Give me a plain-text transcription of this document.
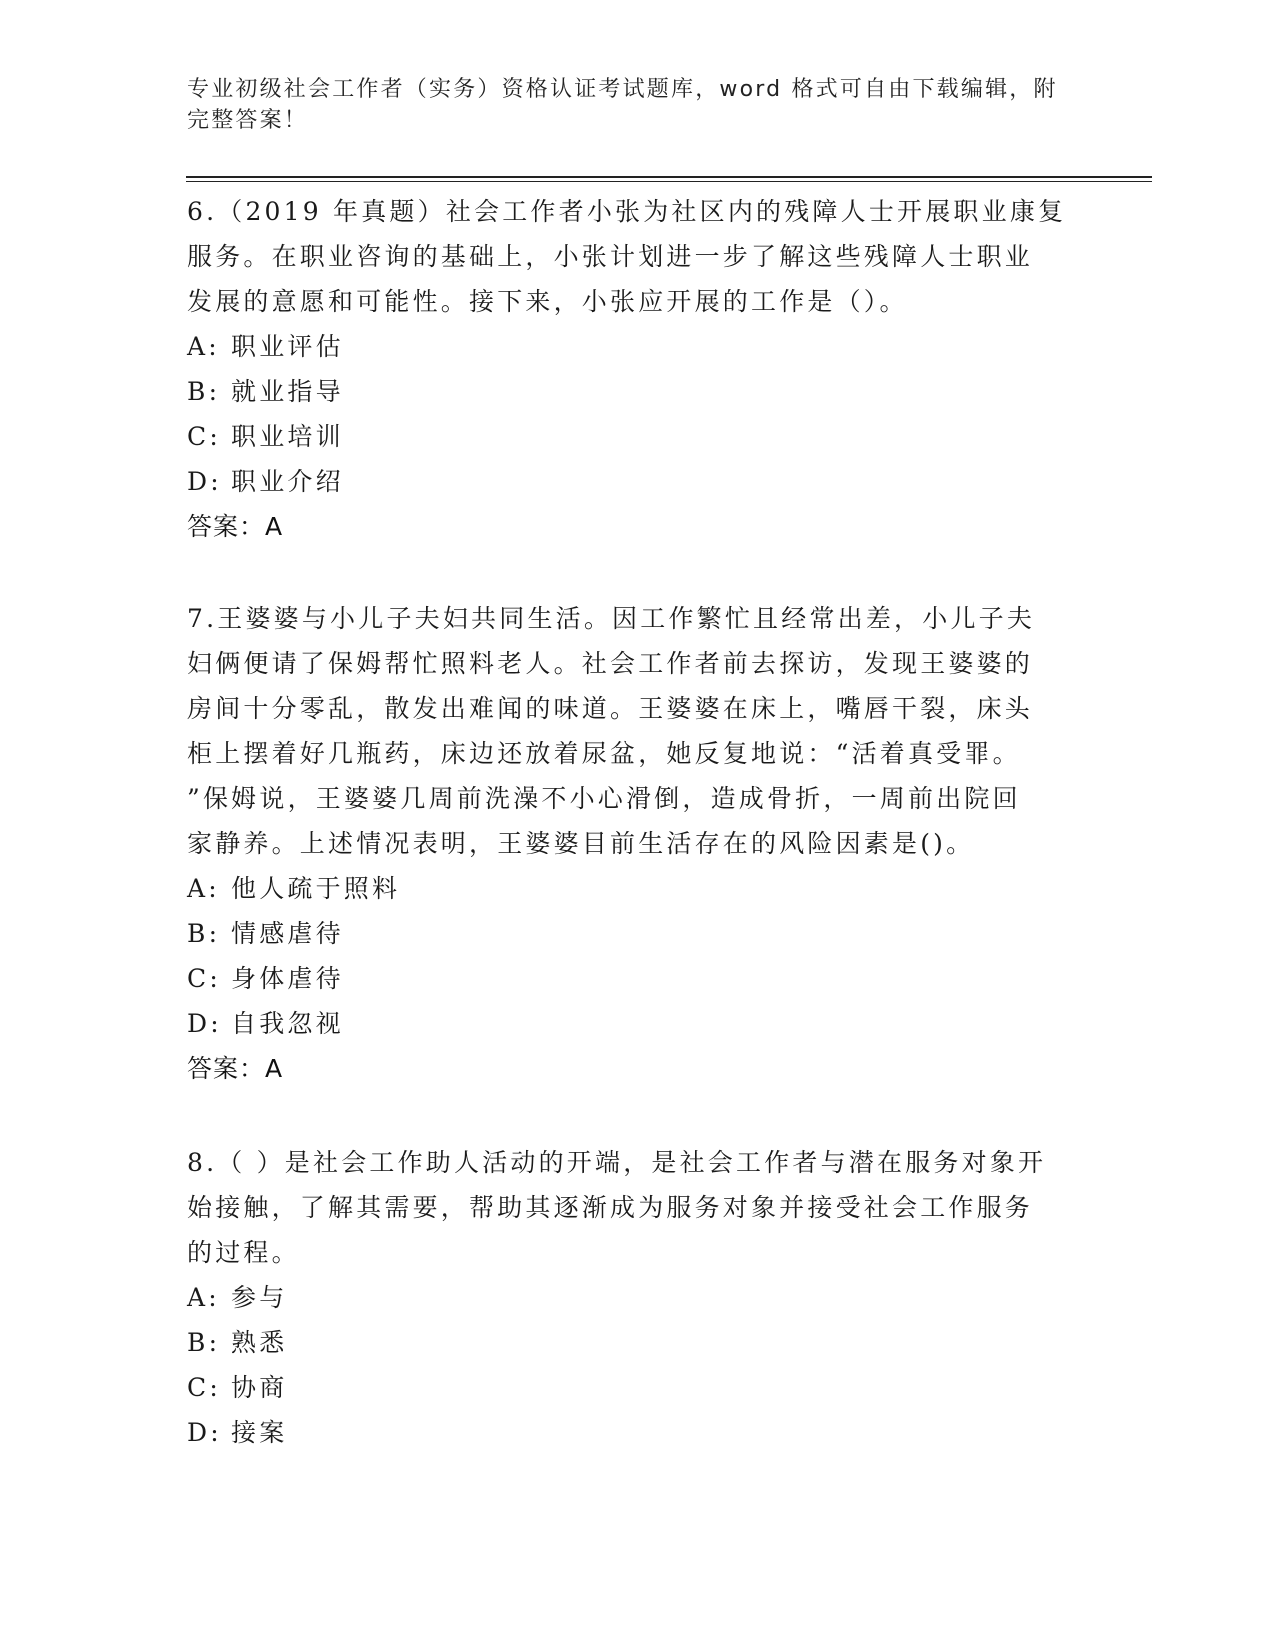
专业初级社会工作者（实务）资格认证考试题库，word 格式可自由下载编辑，附
完整答案！
6.（2019 年真题）社会工作者小张为社区内的残障人士开展职业康复
服务。在职业咨询的基础上，小张计划进一步了解这些残障人士职业
发展的意愿和可能性。接下来，小张应开展的工作是（）。
A: 职业评估
B: 就业指导
C: 职业培训
D: 职业介绍
答案：A
7.王婆婆与小儿子夫妇共同生活。因工作繁忙且经常出差，小儿子夫
妇俩便请了保姆帮忙照料老人。社会工作者前去探访，发现王婆婆的
房间十分零乱，散发出难闻的味道。王婆婆在床上，嘴唇干裂，床头
柜上摆着好几瓶药，床边还放着尿盆，她反复地说：“活着真受罪。
”保姆说，王婆婆几周前洗澡不小心滑倒，造成骨折，一周前出院回
家静养。上述情况表明，王婆婆目前生活存在的风险因素是()。
A: 他人疏于照料
B: 情感虐待
C: 身体虐待
D: 自我忽视
答案：A
8.（ ）是社会工作助人活动的开端，是社会工作者与潜在服务对象开
始接触，了解其需要，帮助其逐渐成为服务对象并接受社会工作服务
的过程。
A: 参与
B: 熟悉
C: 协商
D: 接案
